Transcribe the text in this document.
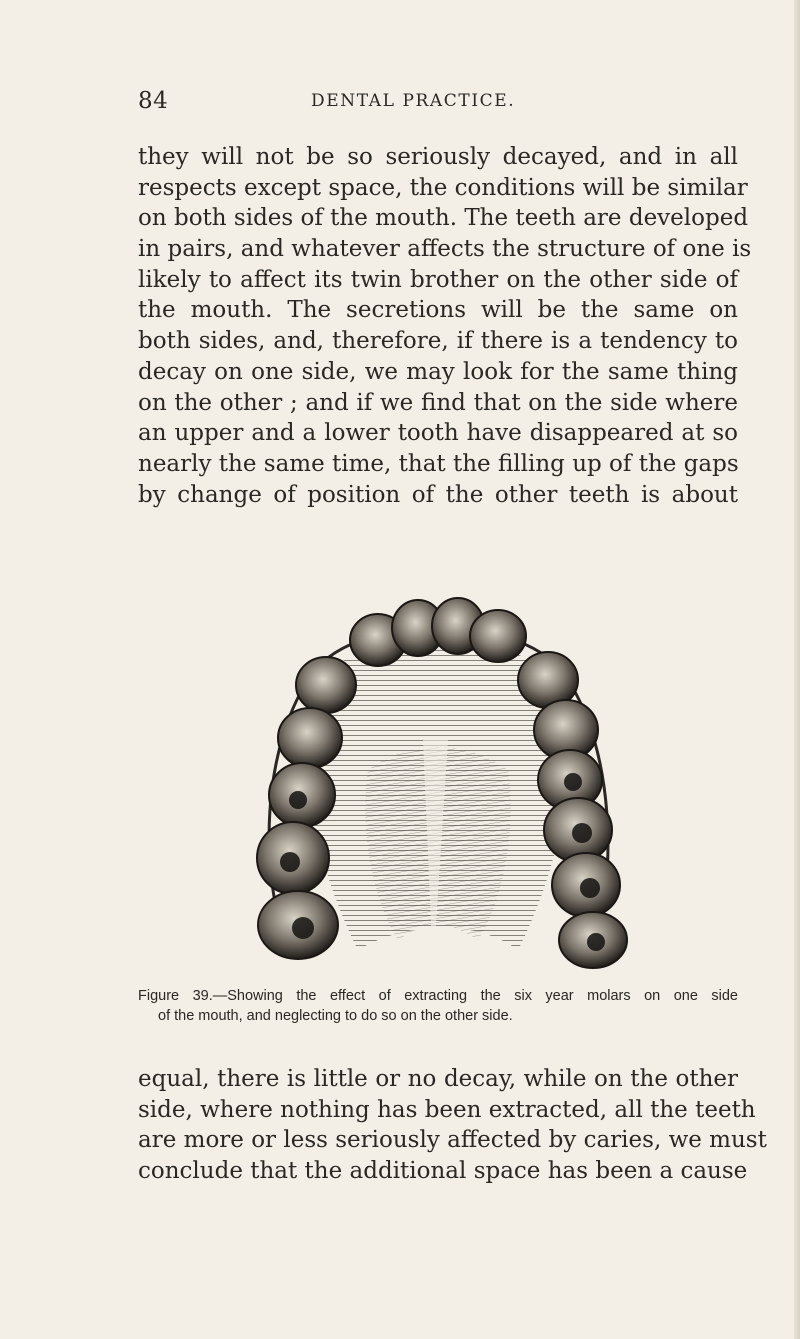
84	DENTAL PRACTICE.

they will not be so seriously decayed, and in all
respects except space, the conditions will be similar
on both sides of the mouth. The teeth are developed
in pairs, and whatever affects the structure of one is
likely to affect its twin brother on the other side of
the mouth. The secretions will be the same on
both sides, and, therefore, if there is a tendency to
decay on one side, we may look for the same thing
on the other ; and if we find that on the side where
an upper and a lower tooth have disappeared at so
nearly the same time, that the filling up of the gaps
by change of position of the other teeth is about

Figure 39.—Showing the effect of extracting the six year molars on one side
of the mouth, and neglecting to do so on the other side.

equal, there is little or no decay, while on the other
side, where nothing has been extracted, all the teeth
are more or less seriously affected by caries, we must
conclude that the additional space has been a cause
